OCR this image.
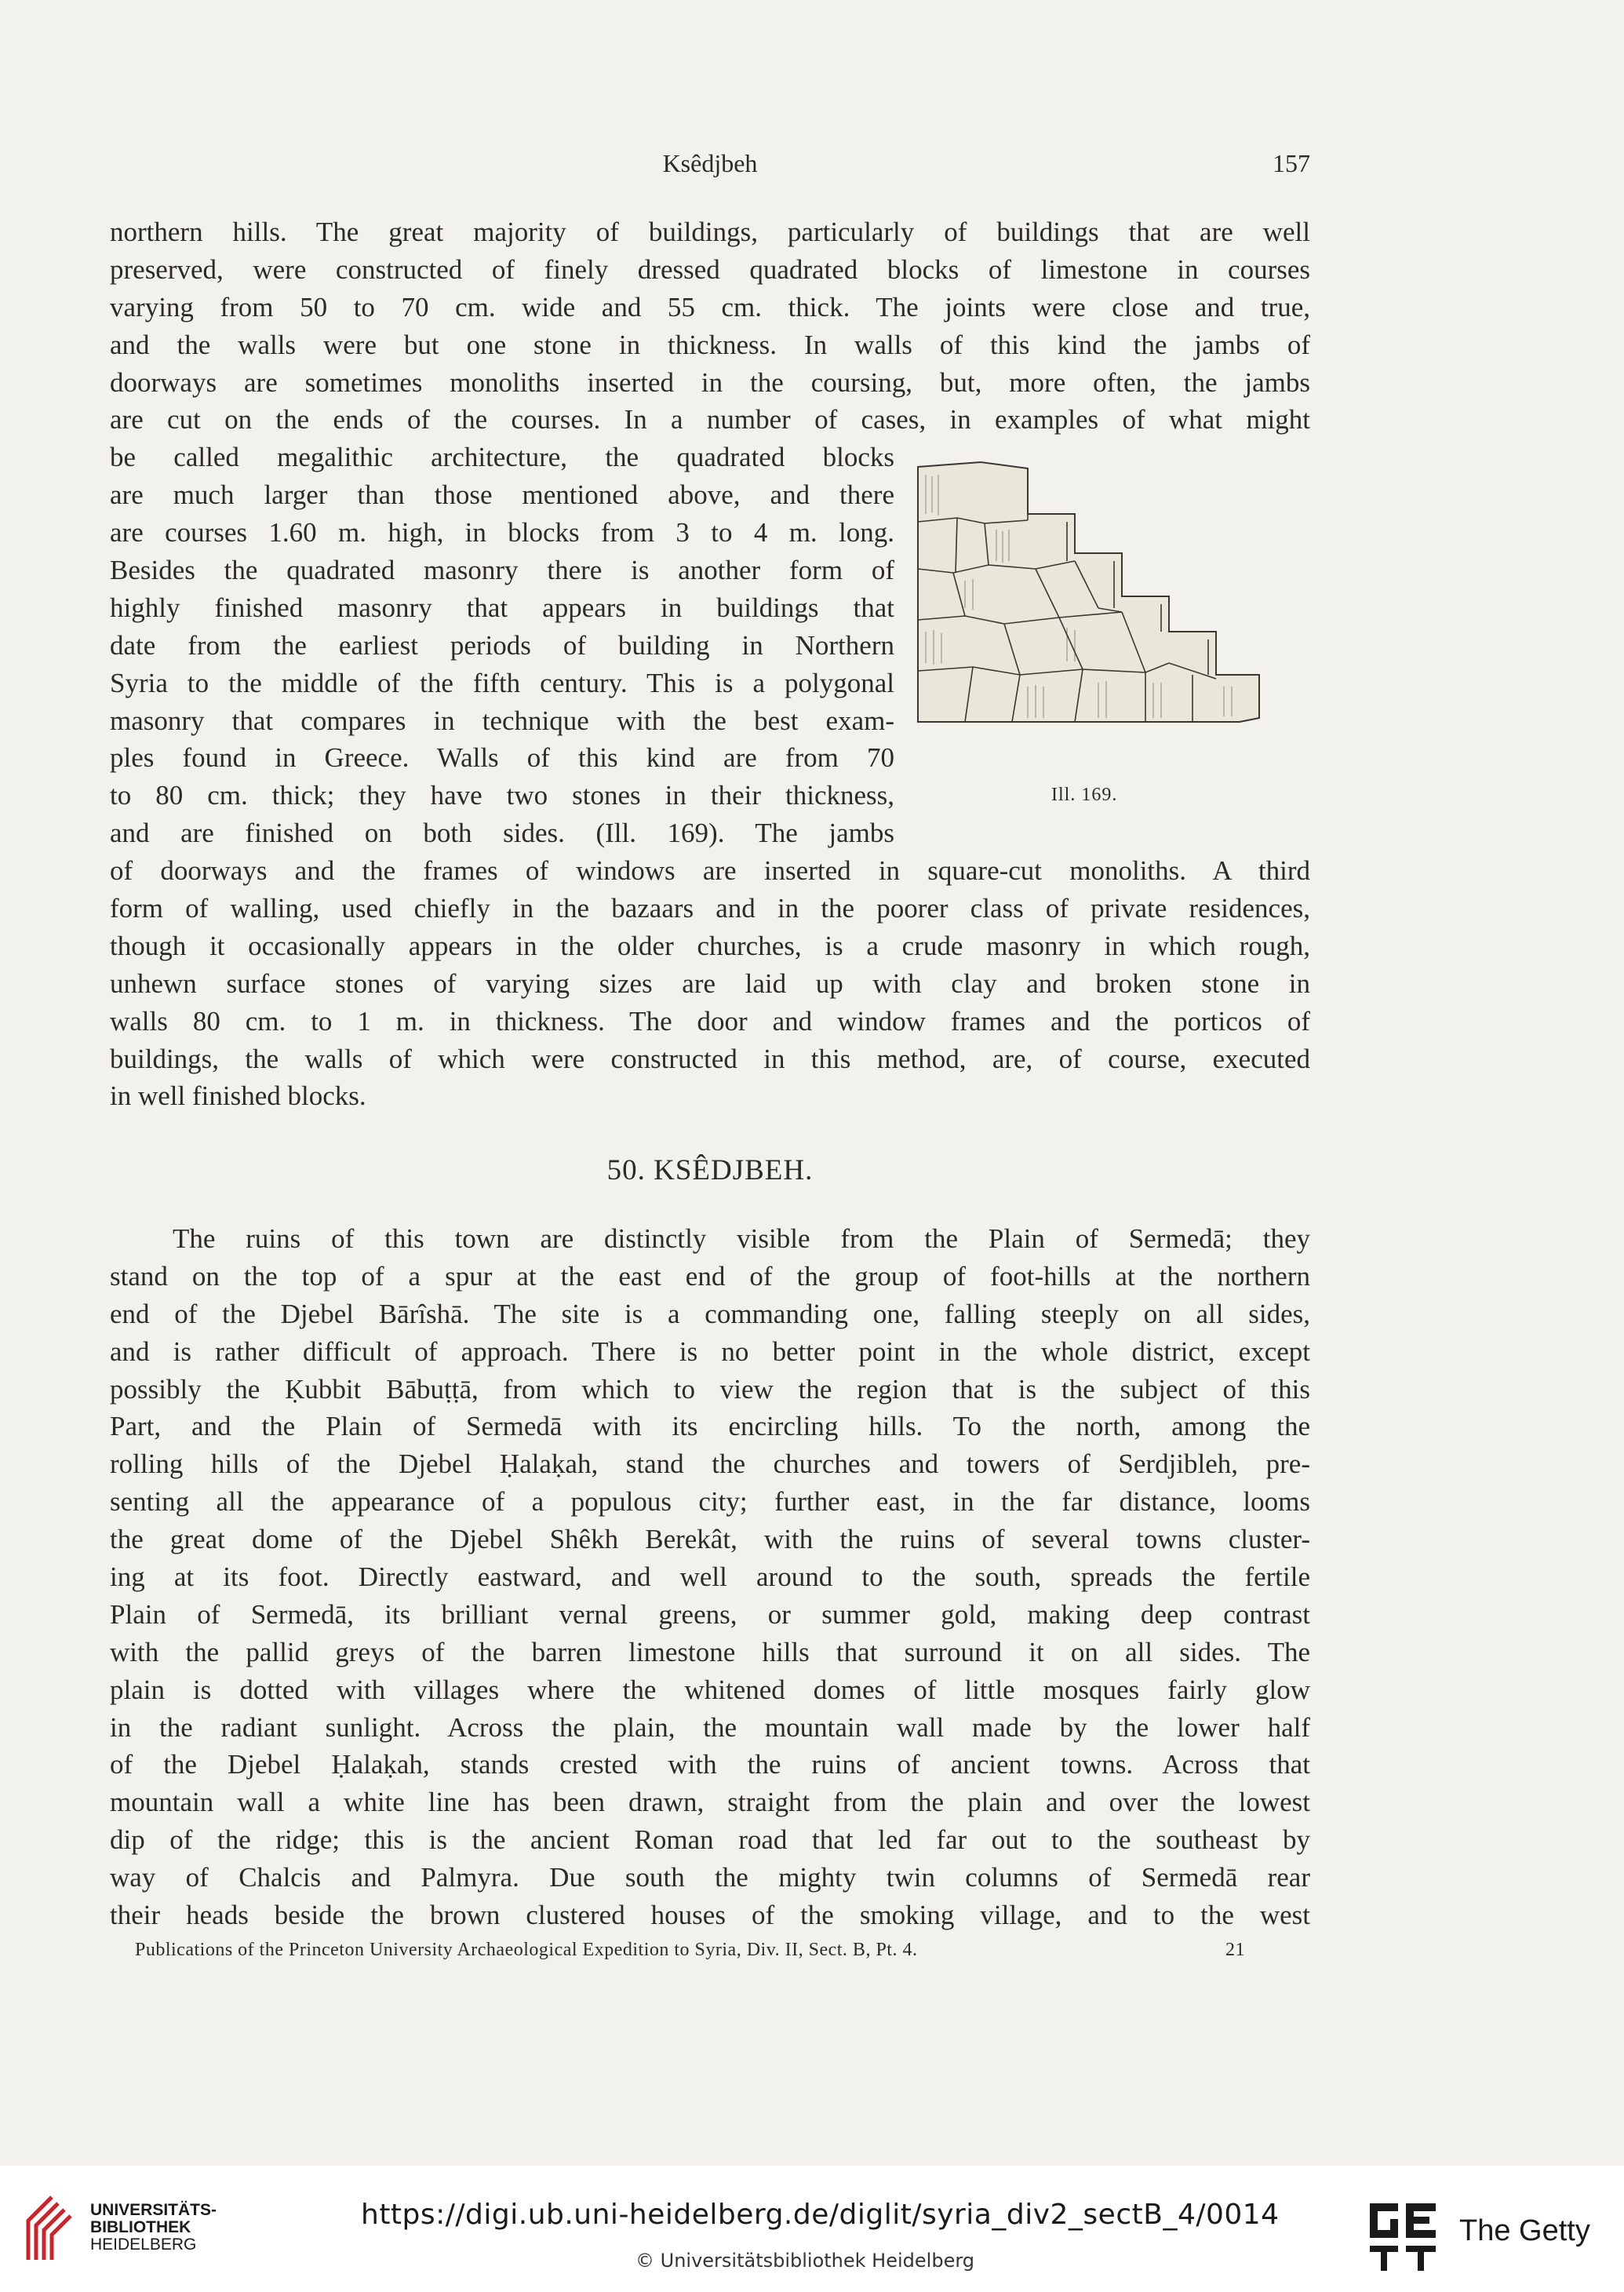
Ksêdjbeh	157
northern hills. The great majority of buildings, particularly of buildings that are well
preserved, were constructed of finely dressed quadrated blocks of limestone in courses
varying from 50 to 70 cm. wide and 55 cm. thick. The joints were close and true,
and the walls were but one stone in thickness. In walls of this kind the jambs of
doorways are sometimes monoliths inserted in the coursing, but, more often, the jambs
are cut on the ends of the courses. In a number of cases, in examples of what might
be called megalithic architecture, the quadrated blocks
are much larger than those mentioned above, and there
are courses 1.60 m. high, in blocks from 3 to 4 m. long.
Besides the quadrated masonry there is another form of
highly finished masonry that appears in buildings that
date from the earliest periods of building in Northern
Syria to the middle of the fifth century. This is a polygonal
masonry that compares in technique with the best exam-
ples found in Greece. Walls of this kind are from 70
to 80 cm. thick; they have two stones in their thickness,
and are finished on both sides. (Ill. 169). The jambs
of doorways and the frames of windows are inserted in square-cut monoliths. A third
form of walling, used chiefly in the bazaars and in the poorer class of private residences,
though it occasionally appears in the older churches, is a crude masonry in which rough,
unhewn surface stones of varying sizes are laid up with clay and broken stone in
walls 80 cm. to 1 m. in thickness. The door and window frames and the porticos of
buildings, the walls of which were constructed in this method, are, of course, executed
in well finished blocks.
Ill. 169.
50. KSÊDJBEH.
The ruins of this town are distinctly visible from the Plain of Sermedā; they
stand on the top of a spur at the east end of the group of foot-hills at the northern
end of the Djebel Bārîshā. The site is a commanding one, falling steeply on all sides,
and is rather difficult of approach. There is no better point in the whole district, except
possibly the Ḳubbit Bābuṭṭā, from which to view the region that is the subject of this
Part, and the Plain of Sermedā with its encircling hills. To the north, among the
rolling hills of the Djebel Ḥalaḳah, stand the churches and towers of Serdjibleh, pre-
senting all the appearance of a populous city; further east, in the far distance, looms
the great dome of the Djebel Shêkh Berekât, with the ruins of several towns cluster-
ing at its foot. Directly eastward, and well around to the south, spreads the fertile
Plain of Sermedā, its brilliant vernal greens, or summer gold, making deep contrast
with the pallid greys of the barren limestone hills that surround it on all sides. The
plain is dotted with villages where the whitened domes of little mosques fairly glow
in the radiant sunlight. Across the plain, the mountain wall made by the lower half
of the Djebel Ḥalaḳah, stands crested with the ruins of ancient towns. Across that
mountain wall a white line has been drawn, straight from the plain and over the lowest
dip of the ridge; this is the ancient Roman road that led far out to the southeast by
way of Chalcis and Palmyra. Due south the mighty twin columns of Sermedā rear
their heads beside the brown clustered houses of the smoking village, and to the west
Publications of the Princeton University Archaeological Expedition to Syria, Div. II, Sect. B, Pt. 4.	21
UNIVERSITÄTS-
BIBLIOTHEK
HEIDELBERG
https://digi.ub.uni-heidelberg.de/diglit/syria_div2_sectB_4/0014
© Universitätsbibliothek Heidelberg
The Getty
